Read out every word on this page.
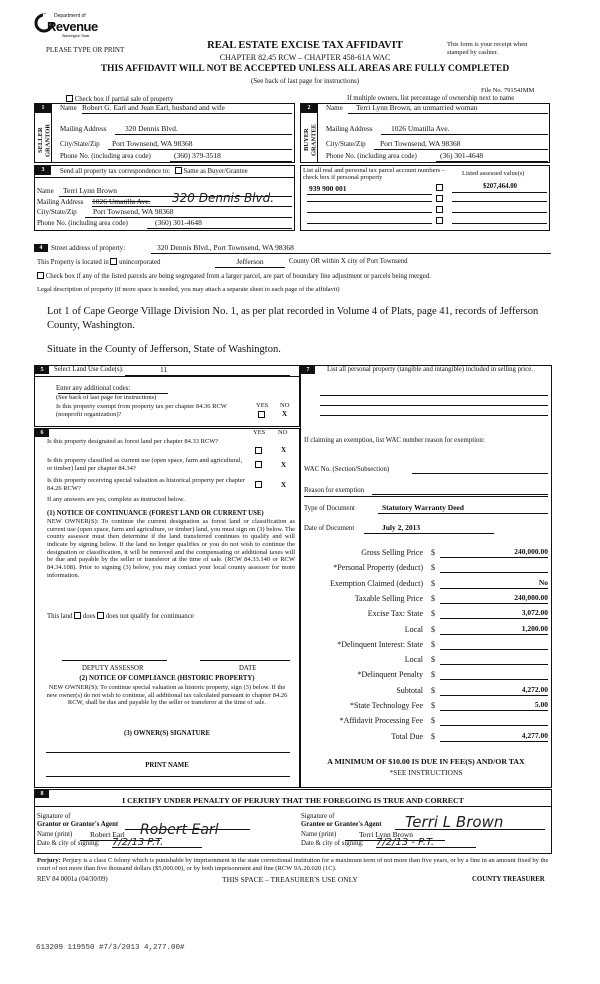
Department of
Revenue
Washington State
PLEASE TYPE OR PRINT	REAL ESTATE EXCISE TAX AFFIDAVIT
CHAPTER 82.45 RCW – CHAPTER 458-61A WAC
THIS AFFIDAVIT WILL NOT BE ACCEPTED UNLESS ALL AREAS ARE FULLY COMPLETED
(See back of last page for instructions)
This form is your receipt when stamped by cashier.
File No. 79154JMM
Check box if partial sale of property	If multiple owners, list percentage of ownership next to name
1	2
SELLER GRANTOR	BUYER GRANTEE
Name Robert G. Earl and Jean Earl, husband and wife
Mailing Address	320 Dennis Blvd.
City/State/Zip	Port Townsend, WA 98368
Phone No. (including area code)	(360) 379-3518
Name	Terri Lynn Brown, an unmarried woman
Mailing Address	1026 Umatilla Ave.
City/State/Zip	Port Townsend, WA 98368
Phone No. (including area code)	(36) 301-4648
3	Send all property tax correspondence to: Same as Buyer/Grantee
Name	Terri Lynn Brown
Mailing Address 1026 Umatilla Ave. 320 Dennis Blvd.
City/State/Zip	Port Townsend, WA 98368
Phone No. (including area code)	(360) 301-4648
List all real and personal tax parcel account numbers – check box if personal property
Listed assessed value(s)
$207,464.00
939 900 001
4	Street address of property:	320 Dennis Blvd., Port Townsend, WA 98368
This Property is located in unincorporated	Jefferson	County OR within X city of Port Townsend
Check box if any of the listed parcels are being segregated from a larger parcel, are part of boundary line adjustment or parcels being merged.
Legal description of property (if more space is needed, you may attach a separate sheet to each page of the affidavit)
Lot 1 of Cape George Village Division No. 1, as per plat recorded in Volume 4 of Plats, page 41, records of Jefferson County, Washington.
Situate in the County of Jefferson, State of Washington.
5	Select Land Use Code(s):	11
Enter any additional codes:
(See back of last page for instructions)
Is this property exempt from property tax per chapter 84.36 RCW (nonprofit organization)?
YES NO
X
6	YES NO
Is this property designated as forest land per chapter 84.33 RCW?
X
Is this property classified as current use (open space, farm and agricultural, or timber) land per chapter 84.34?	X
Is this property receiving special valuation as historical property per chapter 84.26 RCW?	X
If any answers are yes, complete as instructed below.
(1) NOTICE OF CONTINUANCE (FOREST LAND OR CURRENT USE)
NEW OWNER(S): To continue the current designation as forest land or classification as current use (open space, farm and agriculture, or timber) land, you must sign on (3) below. The county assessor must then determine if the land transferred continues to qualify and will indicate by signing below. If the land no longer qualifies or you do not wish to continue the designation or classification, it will be removed and the compensating or additional taxes will be due and payable by the seller or transferor at the time of sale. (RCW 84.33.140 or RCW 84.34.108). Prior to signing (3) below, you may contact your local county assessor for more information.
This land does does not qualify for continuance
DEPUTY ASSESSOR	DATE
(2) NOTICE OF COMPLIANCE (HISTORIC PROPERTY)
NEW OWNER(S): To continue special valuation as historic property, sign (3) below. If the new owner(s) do not wish to continue, all additional tax calculated pursuant to chapter 84.26 RCW, shall be due and payable by the seller or transferor at the time of sale.
(3) OWNER(S) SIGNATURE
PRINT NAME
7	List all personal property (tangible and intangible) included in selling price.
If claiming an exemption, list WAC number reason for exemption:
WAC No. (Section/Subsection)
Reason for exemption
Type of Document	Statutory Warranty Deed
Date of Document	July 2, 2013
Gross Selling Price $	240,000.00
*Personal Property (deduct) $
Exemption Claimed (deduct) $	No
Taxable Selling Price $	240,000.00
Excise Tax: State $	3,072.00
Local $	1,200.00
*Delinquent Interest: State $
Local $
*Delinquent Penalty $
Subtotal $	4,272.00
*State Technology Fee $	5.00
*Affidavit Processing Fee $
Total Due $	4,277.00
A MINIMUM OF $10.00 IS DUE IN FEE(S) AND/OR TAX
*SEE INSTRUCTIONS
8
I CERTIFY UNDER PENALTY OF PERJURY THAT THE FOREGOING IS TRUE AND CORRECT
Signature of
Grantor or Grantor's Agent Robert Earl
Name (print)	Robert Earl
Date & city of signing: 7/2/13 P.T.
Signature of
Grantee or Grantee's Agent Terri L Brown
Name (print)	Terri Lynn Brown
Date & city of signing: 7/2/13 - P.T.
Perjury: Perjury is a class C felony which is punishable by imprisonment in the state correctional institution for a maximum term of not more than five years, or by a fine in an amount fixed by the court of not more than five thousand dollars ($5,000.00), or by both imprisonment and fine (RCW 9A.20.020 (1C).
REV 84 0001a (04/30/09)	THIS SPACE – TREASURER'S USE ONLY	COUNTY TREASURER
613209 119550 #7/3/2013 4,277.00#
